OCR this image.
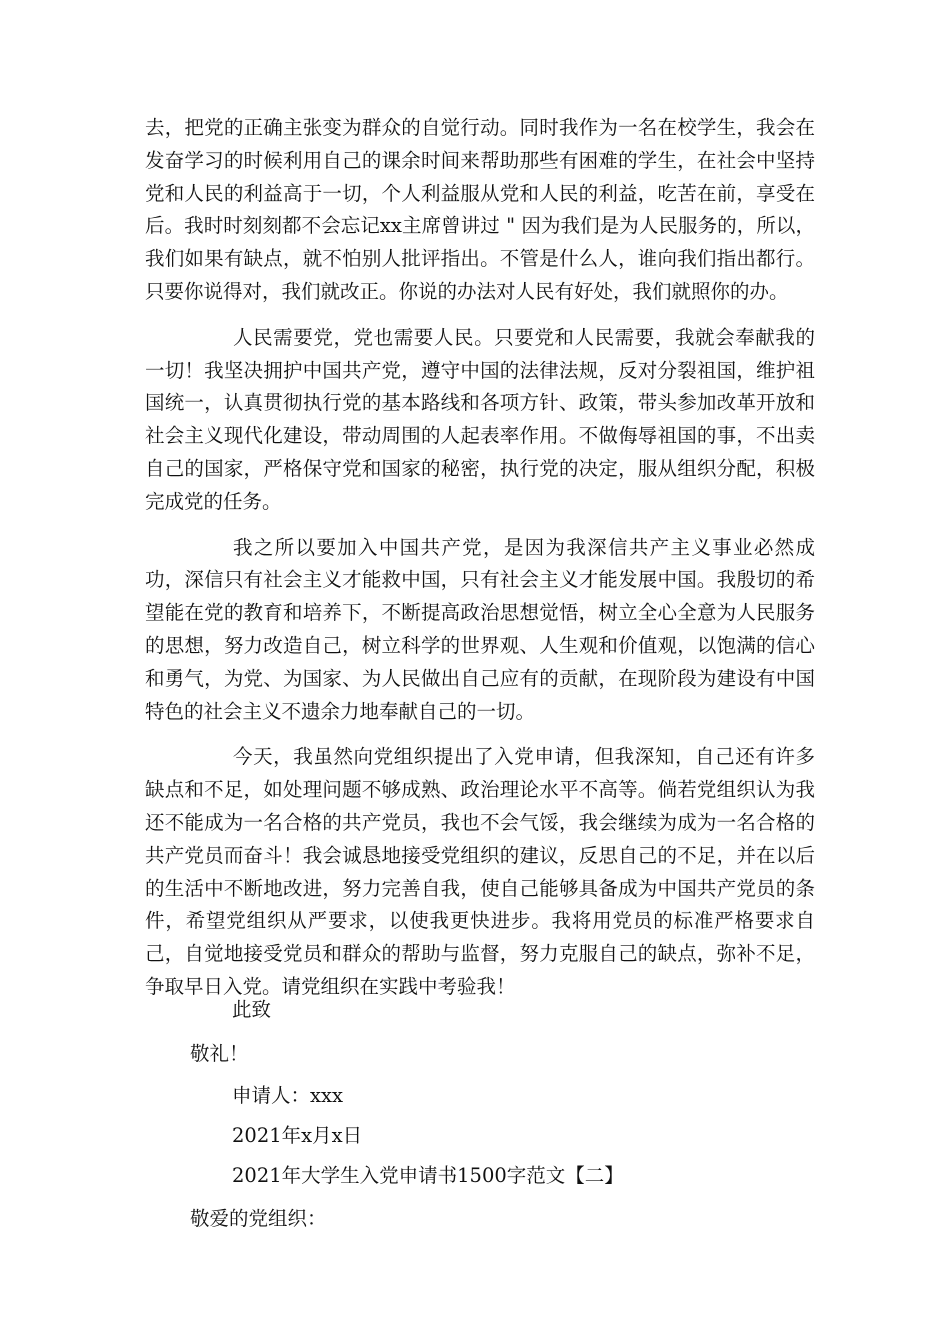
去，把党的正确主张变为群众的自觉行动。同时我作为一名在校学生，我会在发奋学习的时候利用自己的课余时间来帮助那些有困难的学生，在社会中坚持党和人民的利益高于一切，个人利益服从党和人民的利益，吃苦在前，享受在后。我时时刻刻都不会忘记xx主席曾讲过 " 因为我们是为人民服务的，所以，我们如果有缺点，就不怕别人批评指出。不管是什么人，谁向我们指出都行。只要你说得对，我们就改正。你说的办法对人民有好处，我们就照你的办。

人民需要党，党也需要人民。只要党和人民需要，我就会奉献我的一切！我坚决拥护中国共产党，遵守中国的法律法规，反对分裂祖国，维护祖国统一，认真贯彻执行党的基本路线和各项方针、政策，带头参加改革开放和社会主义现代化建设，带动周围的人起表率作用。不做侮辱祖国的事，不出卖自己的国家，严格保守党和国家的秘密，执行党的决定，服从组织分配，积极完成党的任务。

我之所以要加入中国共产党，是因为我深信共产主义事业必然成功，深信只有社会主义才能救中国，只有社会主义才能发展中国。我殷切的希望能在党的教育和培养下，不断提高政治思想觉悟，树立全心全意为人民服务的思想，努力改造自己，树立科学的世界观、人生观和价值观，以饱满的信心和勇气，为党、为国家、为人民做出自己应有的贡献，在现阶段为建设有中国特色的社会主义不遗余力地奉献自己的一切。

今天，我虽然向党组织提出了入党申请，但我深知，自己还有许多缺点和不足，如处理问题不够成熟、政治理论水平不高等。倘若党组织认为我还不能成为一名合格的共产党员，我也不会气馁，我会继续为成为一名合格的共产党员而奋斗！我会诚恳地接受党组织的建议，反思自己的不足，并在以后的生活中不断地改进，努力完善自我，使自己能够具备成为中国共产党员的条件，希望党组织从严要求，以使我更快进步。我将用党员的标准严格要求自己，自觉地接受党员和群众的帮助与监督，努力克服自己的缺点，弥补不足，争取早日入党。请党组织在实践中考验我！

此致
敬礼！
申请人：xxx
2021年x月x日
2021年大学生入党申请书1500字范文【二】
敬爱的党组织：
